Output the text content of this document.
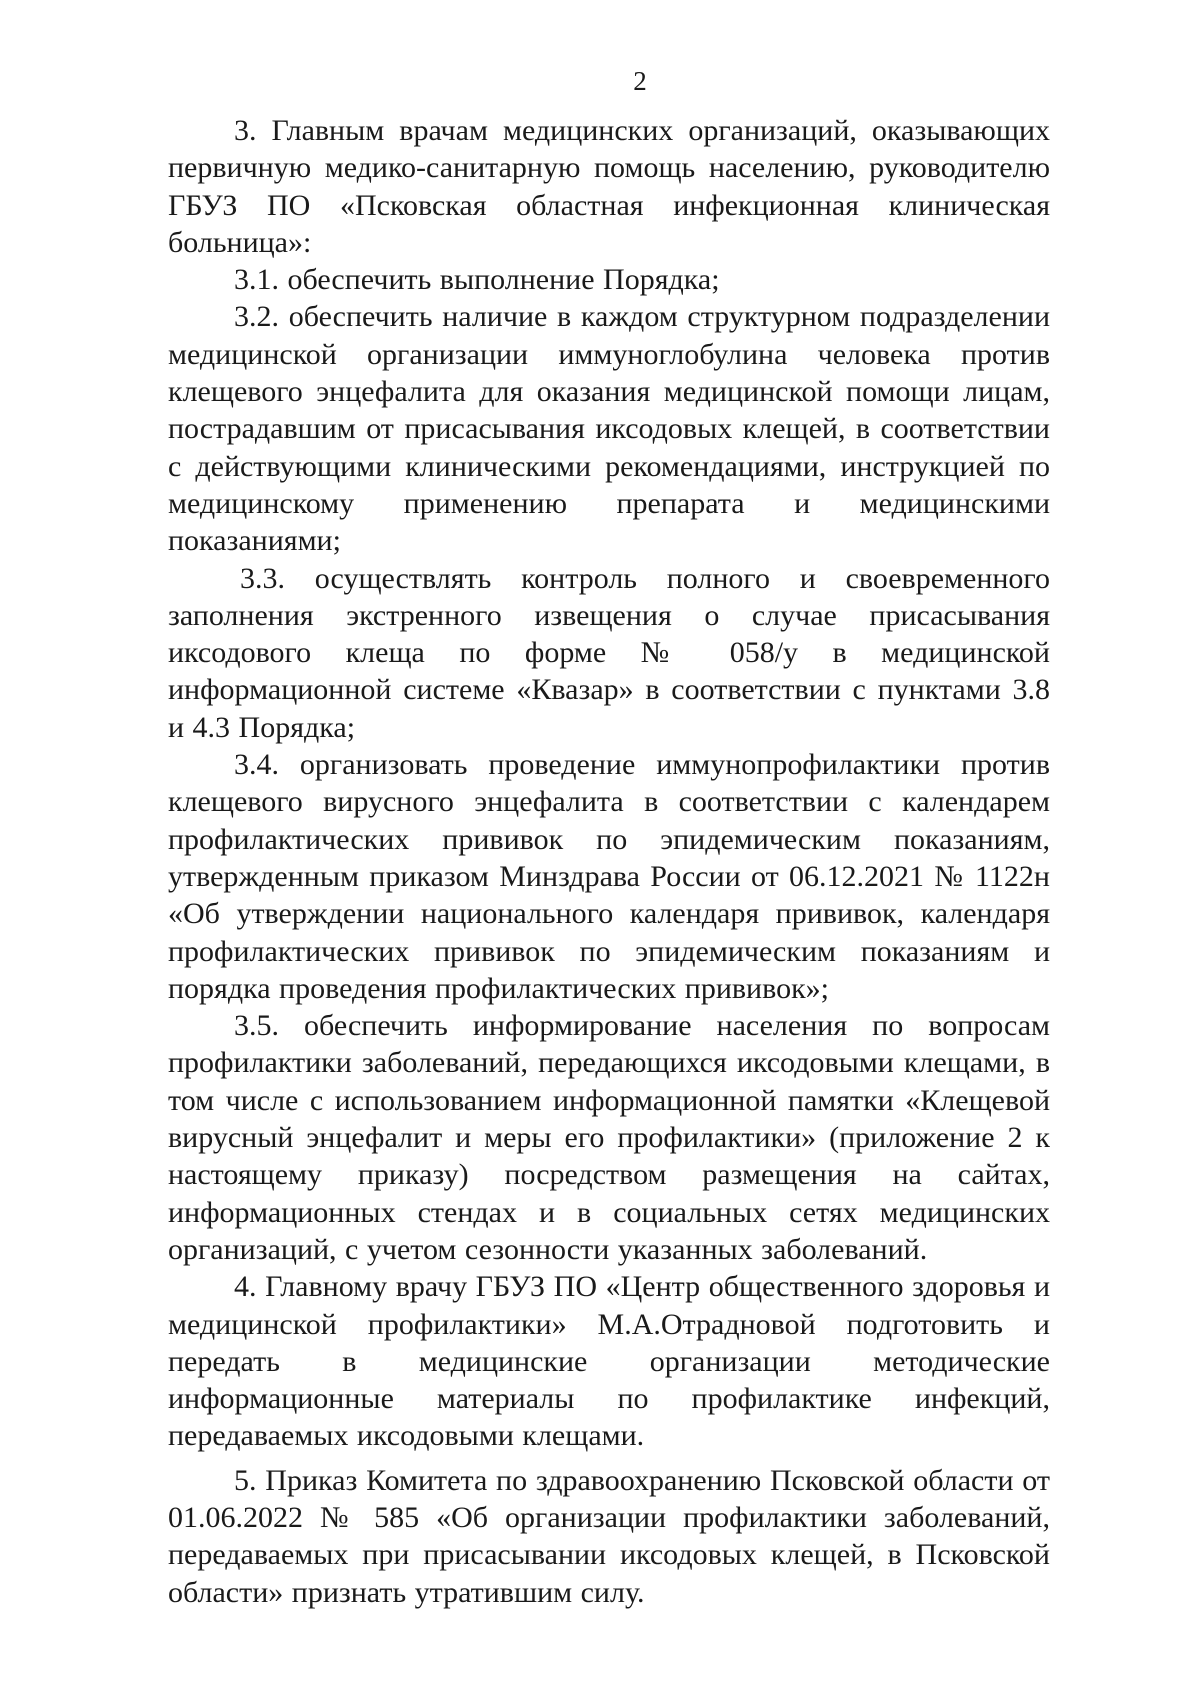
2

3. Главным врачам медицинских организаций, оказывающих первичную медико-санитарную помощь населению, руководителю ГБУЗ ПО «Псковская областная инфекционная клиническая больница»:

3.1. обеспечить выполнение Порядка;

3.2. обеспечить наличие в каждом структурном подразделении медицинской организации иммуноглобулина человека против клещевого энцефалита для оказания медицинской помощи лицам, пострадавшим от присасывания иксодовых клещей, в соответствии с действующими клиническими рекомендациями, инструкцией по медицинскому применению препарата и медицинскими показаниями;

3.3. осуществлять контроль полного и своевременного заполнения экстренного извещения о случае присасывания иксодового клеща по форме № 058/у в медицинской информационной системе «Квазар» в соответствии с пунктами 3.8 и 4.3 Порядка;

3.4. организовать проведение иммунопрофилактики против клещевого вирусного энцефалита в соответствии с календарем профилактических прививок по эпидемическим показаниям, утвержденным приказом Минздрава России от 06.12.2021 № 1122н «Об утверждении национального календаря прививок, календаря профилактических прививок по эпидемическим показаниям и порядка проведения профилактических прививок»;

3.5. обеспечить информирование населения по вопросам профилактики заболеваний, передающихся иксодовыми клещами, в том числе с использованием информационной памятки «Клещевой вирусный энцефалит и меры его профилактики» (приложение 2 к настоящему приказу) посредством размещения на сайтах, информационных стендах и в социальных сетях медицинских организаций, с учетом сезонности указанных заболеваний.

4. Главному врачу ГБУЗ ПО «Центр общественного здоровья и медицинской профилактики» М.А.Отрадновой подготовить и передать в медицинские организации методические информационные материалы по профилактике инфекций, передаваемых иксодовыми клещами.

5. Приказ Комитета по здравоохранению Псковской области от 01.06.2022 № 585 «Об организации профилактики заболеваний, передаваемых при присасывании иксодовых клещей, в Псковской области» признать утратившим силу.
